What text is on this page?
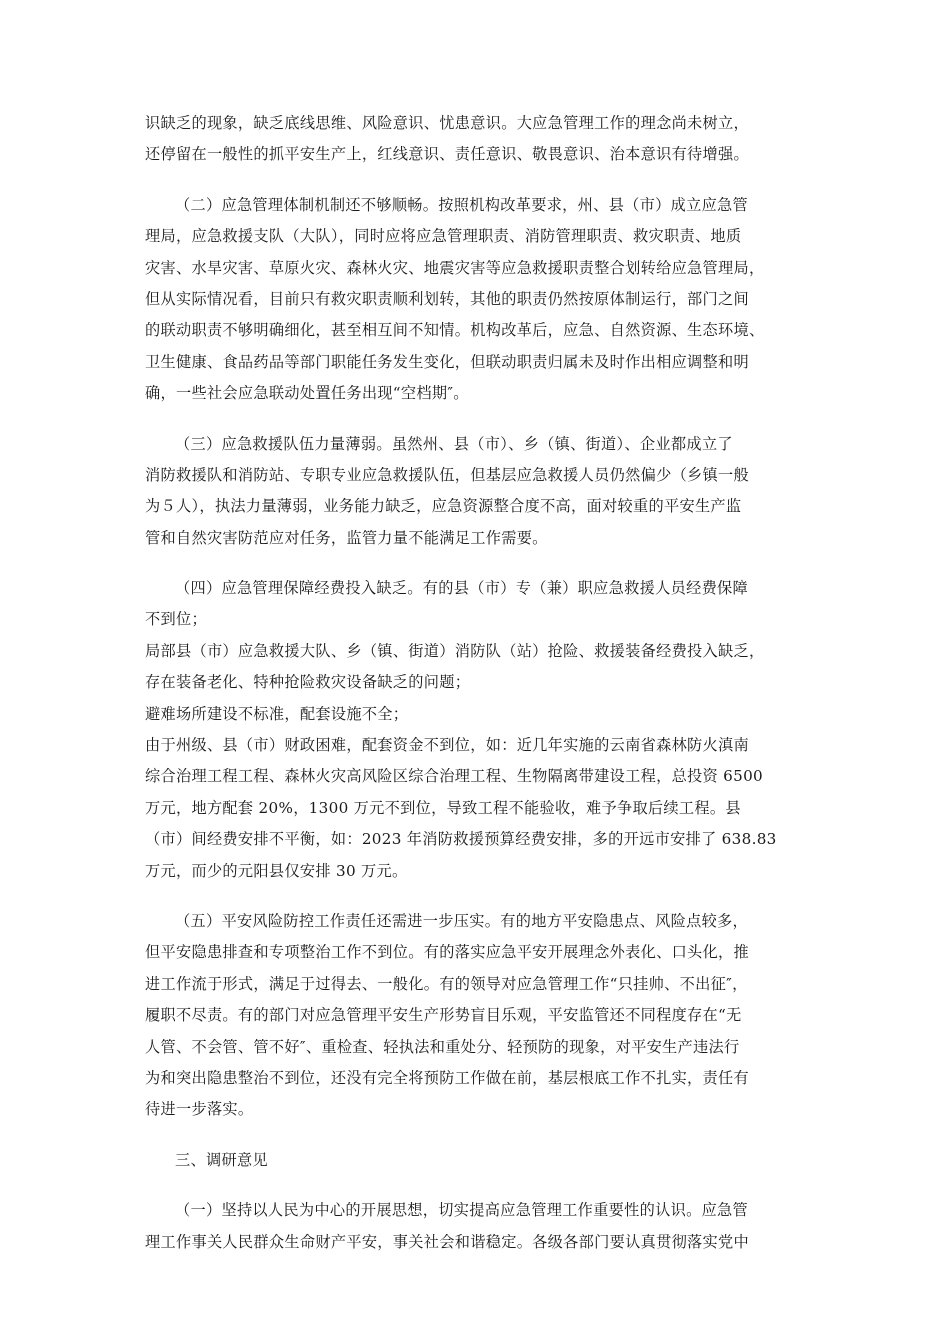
识缺乏的现象，缺乏底线思维、风险意识、忧患意识。大应急管理工作的理念尚未树立，
还停留在一般性的抓平安生产上，红线意识、责任意识、敬畏意识、治本意识有待增强。
（二）应急管理体制机制还不够顺畅。按照机构改革要求，州、县（市）成立应急管
理局，应急救援支队（大队），同时应将应急管理职责、消防管理职责、救灾职责、地质
灾害、水旱灾害、草原火灾、森林火灾、地震灾害等应急救援职责整合划转给应急管理局，
但从实际情况看，目前只有救灾职责顺利划转，其他的职责仍然按原体制运行，部门之间
的联动职责不够明确细化，甚至相互间不知情。机构改革后，应急、自然资源、生态环境、
卫生健康、食品药品等部门职能任务发生变化，但联动职责归属未及时作出相应调整和明
确，一些社会应急联动处置任务出现“空档期″。
（三）应急救援队伍力量薄弱。虽然州、县（市）、乡（镇、街道）、企业都成立了
消防救援队和消防站、专职专业应急救援队伍，但基层应急救援人员仍然偏少（乡镇一般
为５人），执法力量薄弱，业务能力缺乏，应急资源整合度不高，面对较重的平安生产监
管和自然灾害防范应对任务，监管力量不能满足工作需要。
（四）应急管理保障经费投入缺乏。有的县（市）专（兼）职应急救援人员经费保障
不到位；
局部县（市）应急救援大队、乡（镇、街道）消防队（站）抢险、救援装备经费投入缺乏，
存在装备老化、特种抢险救灾设备缺乏的问题；
避难场所建设不标准，配套设施不全；
由于州级、县（市）财政困难，配套资金不到位，如：近几年实施的云南省森林防火滇南
综合治理工程工程、森林火灾高风险区综合治理工程、生物隔离带建设工程，总投资 6500
万元，地方配套 20%，1300 万元不到位，导致工程不能验收，难予争取后续工程。县
（市）间经费安排不平衡，如：2023 年消防救援预算经费安排，多的开远市安排了 638.83
万元，而少的元阳县仅安排 30 万元。
（五）平安风险防控工作责任还需进一步压实。有的地方平安隐患点、风险点较多，
但平安隐患排查和专项整治工作不到位。有的落实应急平安开展理念外表化、口头化，推
进工作流于形式，满足于过得去、一般化。有的领导对应急管理工作“只挂帅、不出征″，
履职不尽责。有的部门对应急管理平安生产形势盲目乐观，平安监管还不同程度存在“无
人管、不会管、管不好″、重检查、轻执法和重处分、轻预防的现象，对平安生产违法行
为和突出隐患整治不到位，还没有完全将预防工作做在前，基层根底工作不扎实，责任有
待进一步落实。
三、调研意见
（一）坚持以人民为中心的开展思想，切实提高应急管理工作重要性的认识。应急管
理工作事关人民群众生命财产平安，事关社会和谐稳定。各级各部门要认真贯彻落实党中
